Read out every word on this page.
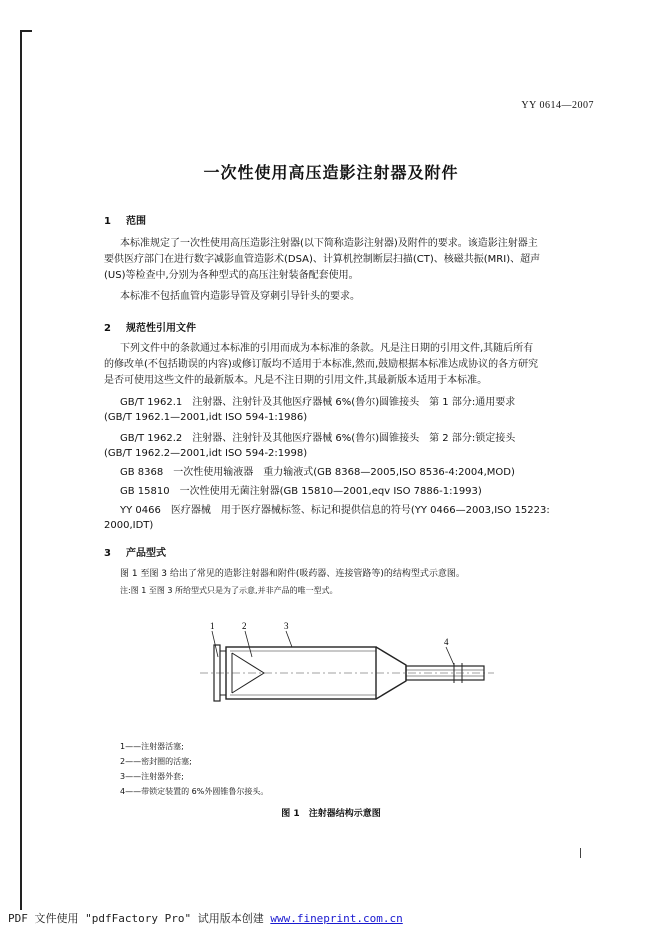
YY 0614—2007
一次性使用高压造影注射器及附件
1 范围
本标准规定了一次性使用高压造影注射器(以下简称造影注射器)及附件的要求。该造影注射器主
要供医疗部门在进行数字减影血管造影术(DSA)、计算机控制断层扫描(CT)、核磁共振(MRI)、超声
(US)等检查中,分别为各种型式的高压注射装备配套使用。
本标准不包括血管内造影导管及穿刺引导针头的要求。
2 规范性引用文件
下列文件中的条款通过本标准的引用而成为本标准的条款。凡是注日期的引用文件,其随后所有
的修改单(不包括勘误的内容)或修订版均不适用于本标准,然而,鼓励根据本标准达成协议的各方研究
是否可使用这些文件的最新版本。凡是不注日期的引用文件,其最新版本适用于本标准。
GB/T 1962.1　注射器、注射针及其他医疗器械 6%(鲁尔)圆锥接头　第 1 部分:通用要求
(GB/T 1962.1—2001,idt ISO 594-1:1986)
GB/T 1962.2　注射器、注射针及其他医疗器械 6%(鲁尔)圆锥接头　第 2 部分:锁定接头
(GB/T 1962.2—2001,idt ISO 594-2:1998)
GB 8368　一次性使用输液器　重力输液式(GB 8368—2005,ISO 8536-4:2004,MOD)
GB 15810　一次性使用无菌注射器(GB 15810—2001,eqv ISO 7886-1:1993)
YY 0466　医疗器械　用于医疗器械标签、标记和提供信息的符号(YY 0466—2003,ISO 15223:
2000,IDT)
3 产品型式
图 1 至图 3 给出了常见的造影注射器和附件(吸药器、连接管路等)的结构型式示意图。
注:图 1 至图 3 所给型式只是为了示意,并非产品的唯一型式。
1	2	3
4
1——注射器活塞;
2——密封圈的活塞;
3——注射器外套;
4——带锁定装置的 6%外圆锥鲁尔接头。
图 1　注射器结构示意图
PDF 文件使用 "pdfFactory Pro" 试用版本创建 www.fineprint.com.cn
